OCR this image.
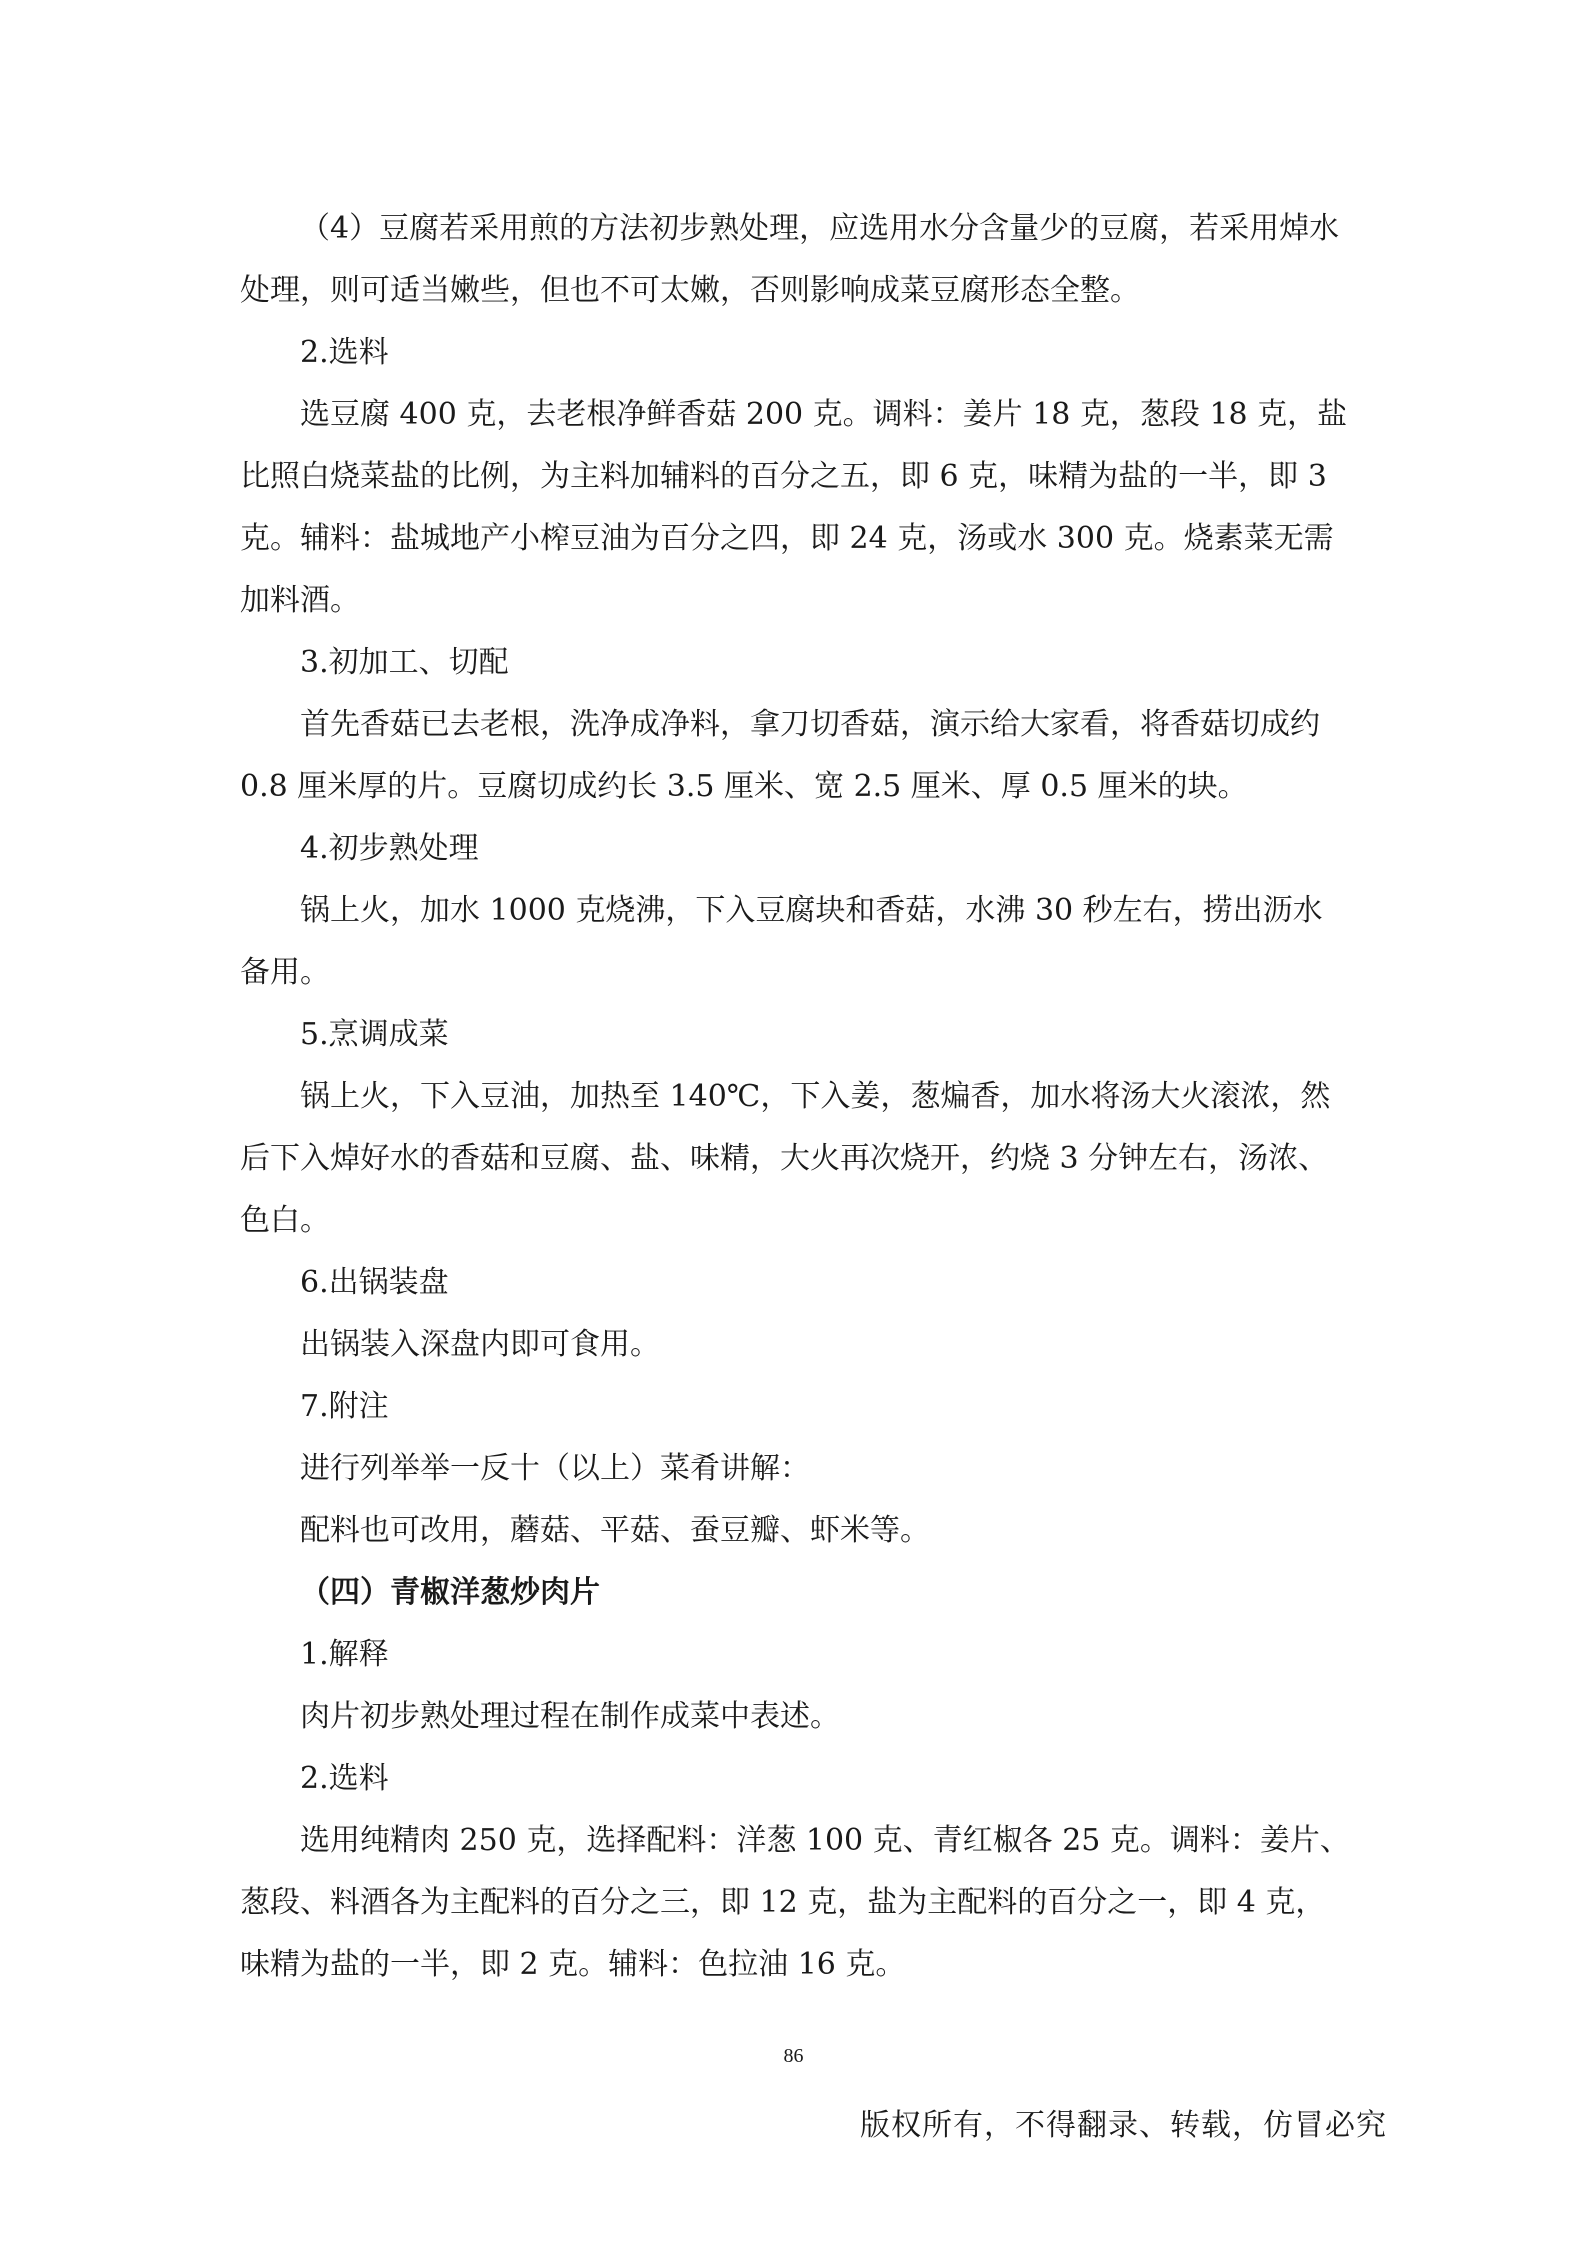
（4）豆腐若采用煎的方法初步熟处理，应选用水分含量少的豆腐，若采用焯水处理，则可适当嫩些，但也不可太嫩，否则影响成菜豆腐形态全整。

2.选料

选豆腐 400 克，去老根净鲜香菇 200 克。调料：姜片 18 克，葱段 18 克，盐比照白烧菜盐的比例，为主料加辅料的百分之五，即 6 克，味精为盐的一半，即 3 克。辅料：盐城地产小榨豆油为百分之四，即 24 克，汤或水 300 克。烧素菜无需加料酒。

3.初加工、切配

首先香菇已去老根，洗净成净料，拿刀切香菇，演示给大家看，将香菇切成约 0.8 厘米厚的片。豆腐切成约长 3.5 厘米、宽 2.5 厘米、厚 0.5 厘米的块。

4.初步熟处理

锅上火，加水 1000 克烧沸，下入豆腐块和香菇，水沸 30 秒左右，捞出沥水备用。

5.烹调成菜

锅上火，下入豆油，加热至 140℃，下入姜，葱煸香，加水将汤大火滚浓，然后下入焯好水的香菇和豆腐、盐、味精，大火再次烧开，约烧 3 分钟左右，汤浓、色白。

6.出锅装盘

出锅装入深盘内即可食用。

7.附注

进行列举举一反十（以上）菜肴讲解：

配料也可改用，蘑菇、平菇、蚕豆瓣、虾米等。

（四）青椒洋葱炒肉片

1.解释

肉片初步熟处理过程在制作成菜中表述。

2.选料

选用纯精肉 250 克，选择配料：洋葱 100 克、青红椒各 25 克。调料：姜片、葱段、料酒各为主配料的百分之三，即 12 克，盐为主配料的百分之一，即 4 克，味精为盐的一半，即 2 克。辅料：色拉油 16 克。

86
版权所有，不得翻录、转载，仿冒必究
